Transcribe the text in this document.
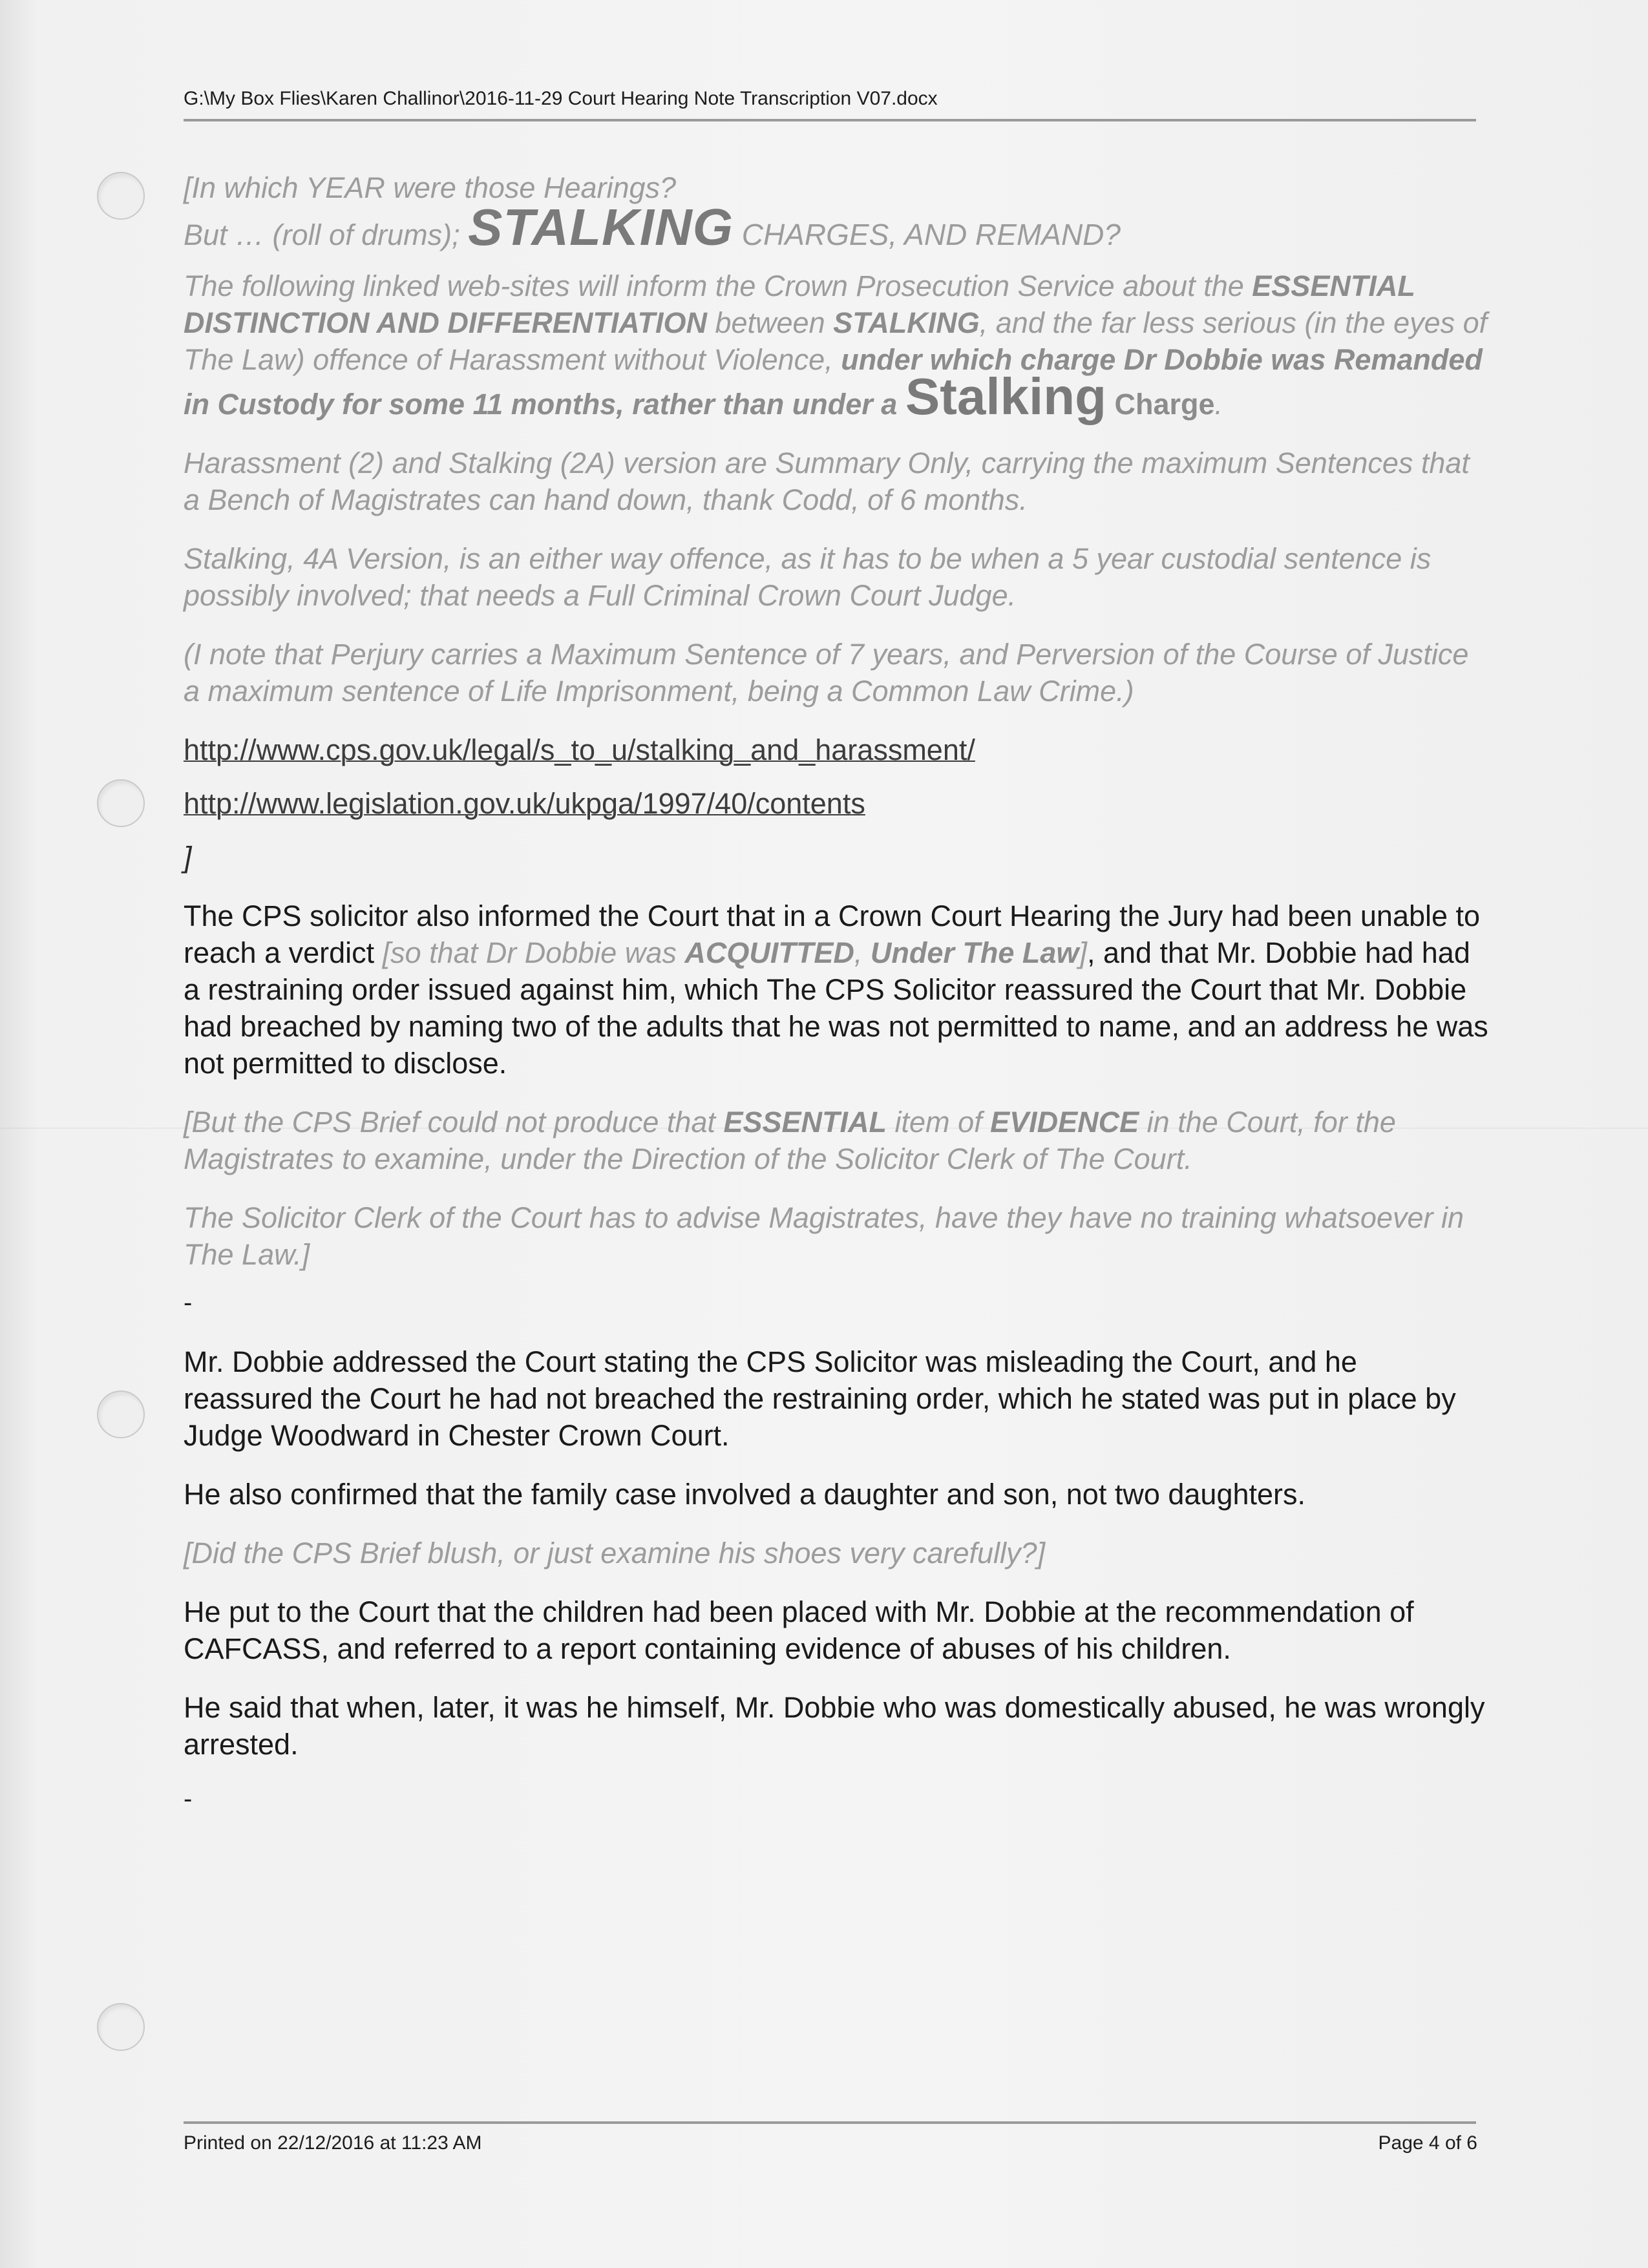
G:\My Box Flies\Karen Challinor\2016-11-29 Court Hearing Note Transcription V07.docx

[In which YEAR were those Hearings?

But … (roll of drums); STALKING CHARGES, AND REMAND?

The following linked web-sites will inform the Crown Prosecution Service about the ESSENTIAL DISTINCTION AND DIFFERENTIATION between STALKING, and the far less serious (in the eyes of The Law) offence of Harassment without Violence, under which charge Dr Dobbie was Remanded in Custody for some 11 months, rather than under a Stalking Charge.

Harassment (2) and Stalking (2A) version are Summary Only, carrying the maximum Sentences that a Bench of Magistrates can hand down, thank Codd, of 6 months.

Stalking, 4A Version, is an either way offence, as it has to be when a 5 year custodial sentence is possibly involved; that needs a Full Criminal Crown Court Judge.

(I note that Perjury carries a Maximum Sentence of 7 years, and Perversion of the Course of Justice a maximum sentence of Life Imprisonment, being a Common Law Crime.)

http://www.cps.gov.uk/legal/s_to_u/stalking_and_harassment/

http://www.legislation.gov.uk/ukpga/1997/40/contents

]

The CPS solicitor also informed the Court that in a Crown Court Hearing the Jury had been unable to reach a verdict [so that Dr Dobbie was ACQUITTED, Under The Law], and that Mr. Dobbie had had a restraining order issued against him, which The CPS Solicitor reassured the Court that Mr. Dobbie had breached by naming two of the adults that he was not permitted to name, and an address he was not permitted to disclose.

[But the CPS Brief could not produce that ESSENTIAL item of EVIDENCE in the Court, for the Magistrates to examine, under the Direction of the Solicitor Clerk of The Court.

The Solicitor Clerk of the Court has to advise Magistrates, have they have no training whatsoever in The Law.]

-

Mr. Dobbie addressed the Court stating the CPS Solicitor was misleading the Court, and he reassured the Court he had not breached the restraining order, which he stated was put in place by Judge Woodward in Chester Crown Court.

He also confirmed that the family case involved a daughter and son, not two daughters.

[Did the CPS Brief blush, or just examine his shoes very carefully?]

He put to the Court that the children had been placed with Mr. Dobbie at the recommendation of CAFCASS, and referred to a report containing evidence of abuses of his children.

He said that when, later, it was he himself, Mr. Dobbie who was domestically abused, he was wrongly arrested.

-

Printed on 22/12/2016 at 11:23 AM	Page 4 of 6
